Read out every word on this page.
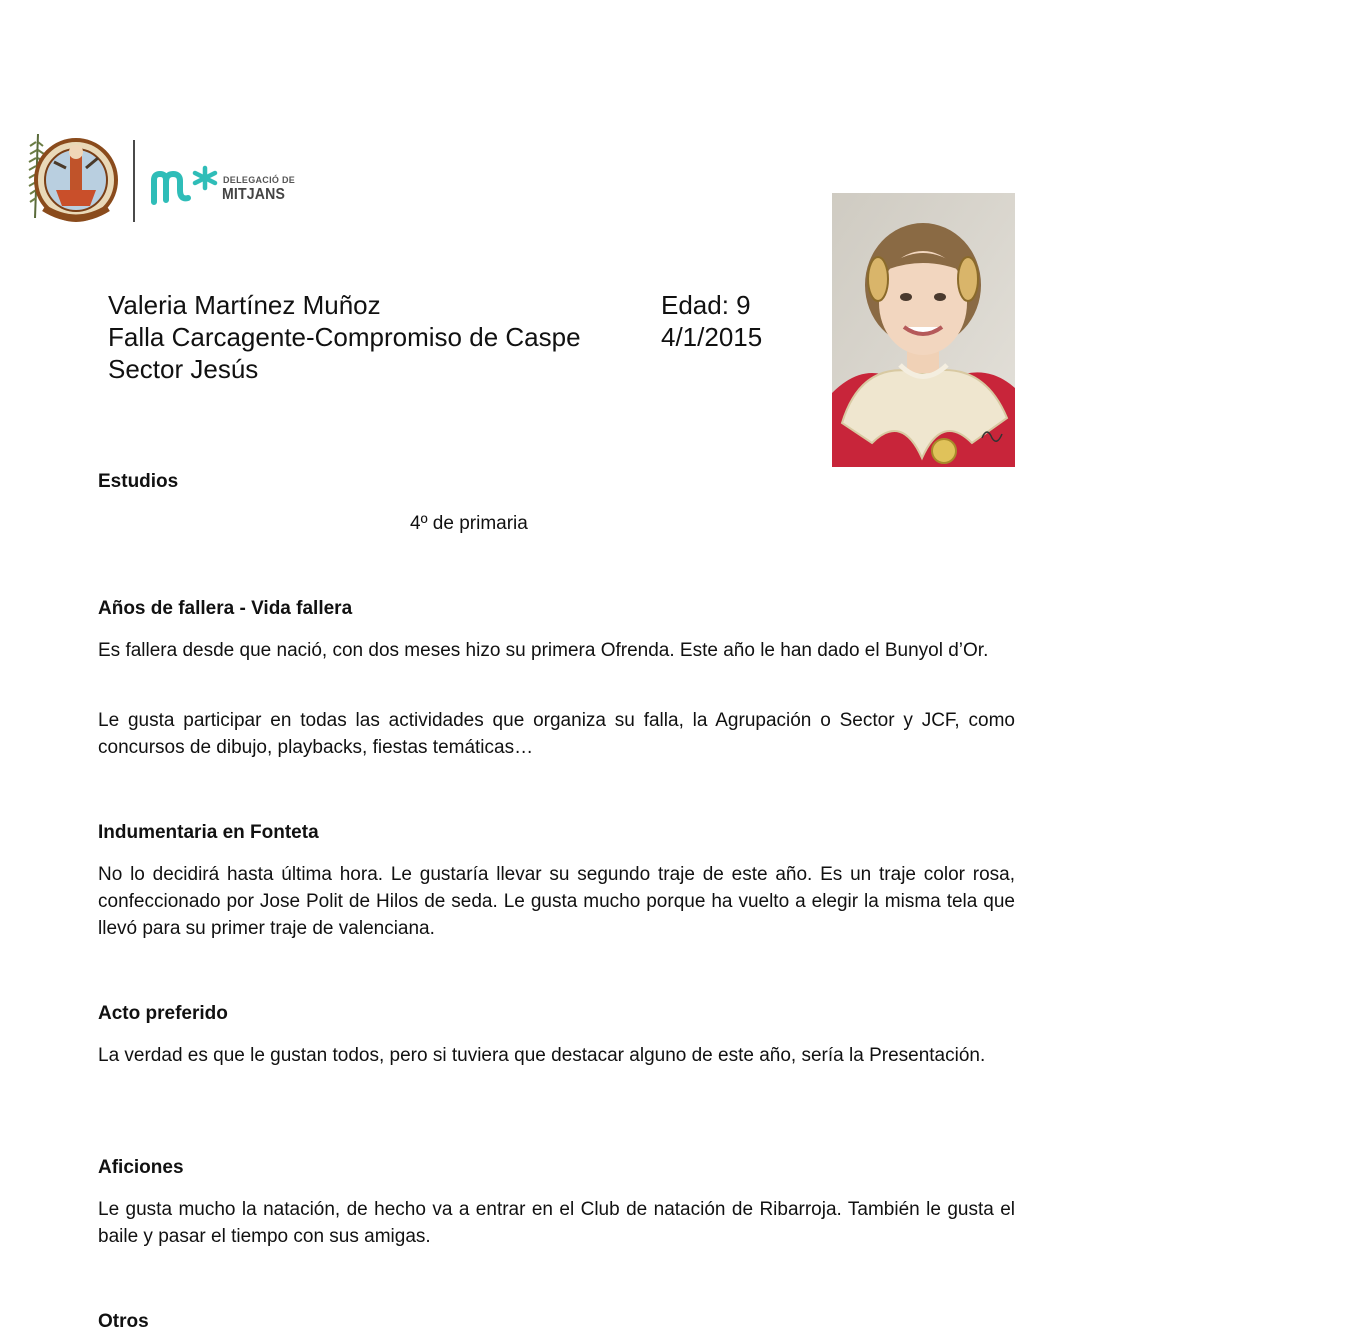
DELEGACIÓ DE
MITJANS
Valeria Martínez Muñoz
Falla Carcagente-Compromiso de Caspe
Sector Jesús
Edad: 9
4/1/2015
Estudios
4º de primaria
Años de fallera - Vida fallera

Es fallera desde que nació, con dos meses hizo su primera Ofrenda. Este año le han dado el Bunyol d’Or.

Le gusta participar en todas las actividades que organiza su falla, la Agrupación o Sector y JCF, como concursos de dibujo, playbacks, fiestas temáticas…

Indumentaria en Fonteta

No lo decidirá hasta última hora. Le gustaría llevar su segundo traje de este año. Es un traje color rosa, confeccionado por Jose Polit de Hilos de seda. Le gusta mucho porque ha vuelto a elegir la misma tela que llevó para su primer traje de valenciana.

Acto preferido

La verdad es que le gustan todos, pero si tuviera que destacar alguno de este año, sería la Presentación.

Aficiones

Le gusta mucho la natación, de hecho va a entrar en el Club de natación de Ribarroja. También le gusta el baile y pasar el tiempo con sus amigas.

Otros
